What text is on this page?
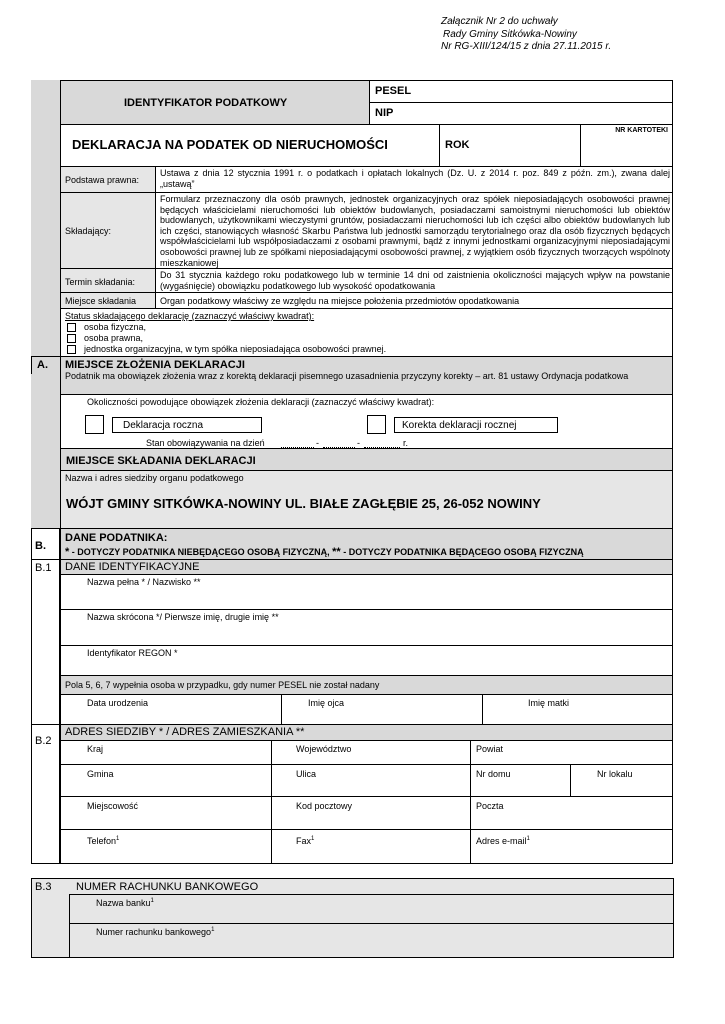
Załącznik Nr 2 do uchwały
Rady Gminy Sitkówka-Nowiny
Nr RG-XIII/124/15 z dnia 27.11.2015 r.
IDENTYFIKATOR PODATKOWY
PESEL
NIP
DEKLARACJA NA PODATEK OD NIERUCHOMOŚCI	ROK
NR KARTOTEKI
Podstawa prawna:
Ustawa z dnia 12 stycznia 1991 r. o podatkach i opłatach lokalnych (Dz. U. z 2014 r. poz. 849 z późn. zm.), zwana dalej „ustawą”
Składający:
Formularz przeznaczony dla osób prawnych, jednostek organizacyjnych oraz spółek nieposiadających osobowości prawnej będących właścicielami nieruchomości lub obiektów budowlanych, posiadaczami samoistnymi nieruchomości lub obiektów budowlanych, użytkownikami wieczystymi gruntów, posiadaczami nieruchomości lub ich części albo obiektów budowlanych lub ich części, stanowiących własność Skarbu Państwa lub jednostki samorządu terytorialnego oraz dla osób fizycznych będących współwłaścicielami lub współposiadaczami z osobami prawnymi, bądź z innymi jednostkami organizacyjnymi nieposiadającymi osobowości prawnej lub ze spółkami nieposiadającymi osobowości prawnej, z wyjątkiem osób fizycznych tworzących wspólnoty mieszkaniowej
Termin składania:
Do 31 stycznia każdego roku podatkowego lub w terminie 14 dni od zaistnienia okoliczności mających wpływ na powstanie (wygaśnięcie) obowiązku podatkowego lub wysokość opodatkowania
Miejsce składania	Organ podatkowy właściwy ze względu na miejsce położenia przedmiotów opodatkowania
Status składającego deklarację (zaznaczyć właściwy kwadrat):
osoba fizyczna,
osoba prawna,
jednostka organizacyjna, w tym spółka nieposiadająca osobowości prawnej.
A. MIEJSCE ZŁOŻENIA DEKLARACJI
Podatnik ma obowiązek złożenia wraz z korektą deklaracji pisemnego uzasadnienia przyczyny korekty – art. 81 ustawy Ordynacja podatkowa
Okoliczności powodujące obowiązek złożenia deklaracji (zaznaczyć właściwy kwadrat):
Deklaracja roczna	Korekta deklaracji rocznej
Stan obowiązywania na dzień	-	-	r.
MIEJSCE SKŁADANIA DEKLARACJI
Nazwa i adres siedziby organu podatkowego
WÓJT GMINY SITKÓWKA-NOWINY UL. BIAŁE ZAGŁĘBIE 25, 26-052 NOWINY
B.
DANE PODATNIKA:
* - DOTYCZY PODATNIKA NIEBĘDĄCEGO OSOBĄ FIZYCZNĄ, ** - DOTYCZY PODATNIKA BĘDĄCEGO OSOBĄ FIZYCZNĄ
B.1 DANE IDENTYFIKACYJNE
Nazwa pełna * / Nazwisko **
Nazwa skrócona */ Pierwsze imię, drugie imię **
Identyfikator REGON *
Pola 5, 6, 7 wypełnia osoba w przypadku, gdy numer PESEL nie został nadany
Data urodzenia	Imię ojca	Imię matki
B.2
ADRES SIEDZIBY * / ADRES ZAMIESZKANIA **
Kraj	Województwo	Powiat
Gmina	Ulica	Nr domu	Nr lokalu
Miejscowość	Kod pocztowy	Poczta
Telefon$^1$	Fax$^1$	Adres e-mail$^1$
B.3 NUMER RACHUNKU BANKOWEGO
Nazwa banku$^1$
Numer rachunku bankowego$^1$
